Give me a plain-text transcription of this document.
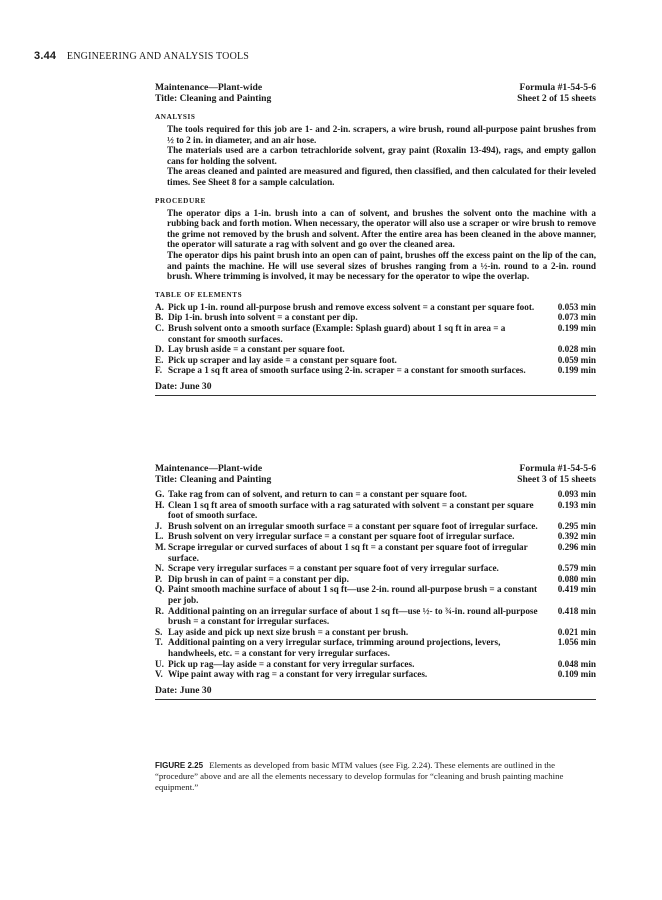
3.44 ENGINEERING AND ANALYSIS TOOLS
Maintenance—Plant-wide
Title: Cleaning and Painting
Formula #1-54-5-6
Sheet 2 of 15 sheets
ANALYSIS
The tools required for this job are 1- and 2-in. scrapers, a wire brush, round all-purpose paint brushes from ½ to 2 in. in diameter, and an air hose.
The materials used are a carbon tetrachloride solvent, gray paint (Roxalin 13-494), rags, and empty gallon cans for holding the solvent.
The areas cleaned and painted are measured and figured, then classified, and then calculated for their leveled times. See Sheet 8 for a sample calculation.
PROCEDURE
The operator dips a 1-in. brush into a can of solvent, and brushes the solvent onto the machine with a rubbing back and forth motion. When necessary, the operator will also use a scraper or wire brush to remove the grime not removed by the brush and solvent. After the entire area has been cleaned in the above manner, the operator will saturate a rag with solvent and go over the cleaned area.
The operator dips his paint brush into an open can of paint, brushes off the excess paint on the lip of the can, and paints the machine. He will use several sizes of brushes ranging from a ½-in. round to a 2-in. round brush. Where trimming is involved, it may be necessary for the operator to wipe the overlap.
TABLE OF ELEMENTS
A. Pick up 1-in. round all-purpose brush and remove excess solvent = a constant per square foot.	0.053 min
B. Dip 1-in. brush into solvent = a constant per dip.	0.073 min
C. Brush solvent onto a smooth surface (Example: Splash guard) about 1 sq ft in area = a constant for smooth surfaces.
0.199 min
D. Lay brush aside = a constant per square foot.	0.028 min
E. Pick up scraper and lay aside = a constant per square foot.	0.059 min
F. Scrape a 1 sq ft area of smooth surface using 2-in. scraper = a constant for smooth surfaces.	0.199 min
Date: June 30
Maintenance—Plant-wide
Title: Cleaning and Painting
Formula #1-54-5-6
Sheet 3 of 15 sheets
G. Take rag from can of solvent, and return to can = a constant per square foot.	0.093 min
H. Clean 1 sq ft area of smooth surface with a rag saturated with solvent = a constant per square foot of smooth surface.
0.193 min
J. Brush solvent on an irregular smooth surface = a constant per square foot of irregular surface.	0.295 min
L. Brush solvent on very irregular surface = a constant per square foot of irregular surface.	0.392 min
M. Scrape irregular or curved surfaces of about 1 sq ft = a constant per square foot of irregular surface.
0.296 min
N. Scrape very irregular surfaces = a constant per square foot of very irregular surface.	0.579 min
P. Dip brush in can of paint = a constant per dip.	0.080 min
Q. Paint smooth machine surface of about 1 sq ft—use 2-in. round all-purpose brush = a constant per job.
0.419 min
R. Additional painting on an irregular surface of about 1 sq ft—use ½- to ¾-in. round all-purpose brush = a constant for irregular surfaces.
0.418 min
S. Lay aside and pick up next size brush = a constant per brush.	0.021 min
T. Additional painting on a very irregular surface, trimming around projections, levers, handwheels, etc. = a constant for very irregular surfaces.
1.056 min
U. Pick up rag—lay aside = a constant for very irregular surfaces.	0.048 min
V. Wipe paint away with rag = a constant for very irregular surfaces.	0.109 min
Date: June 30
FIGURE 2.25 Elements as developed from basic MTM values (see Fig. 2.24). These elements are outlined in the “procedure” above and are all the elements necessary to develop formulas for “cleaning and brush painting machine equipment.”
